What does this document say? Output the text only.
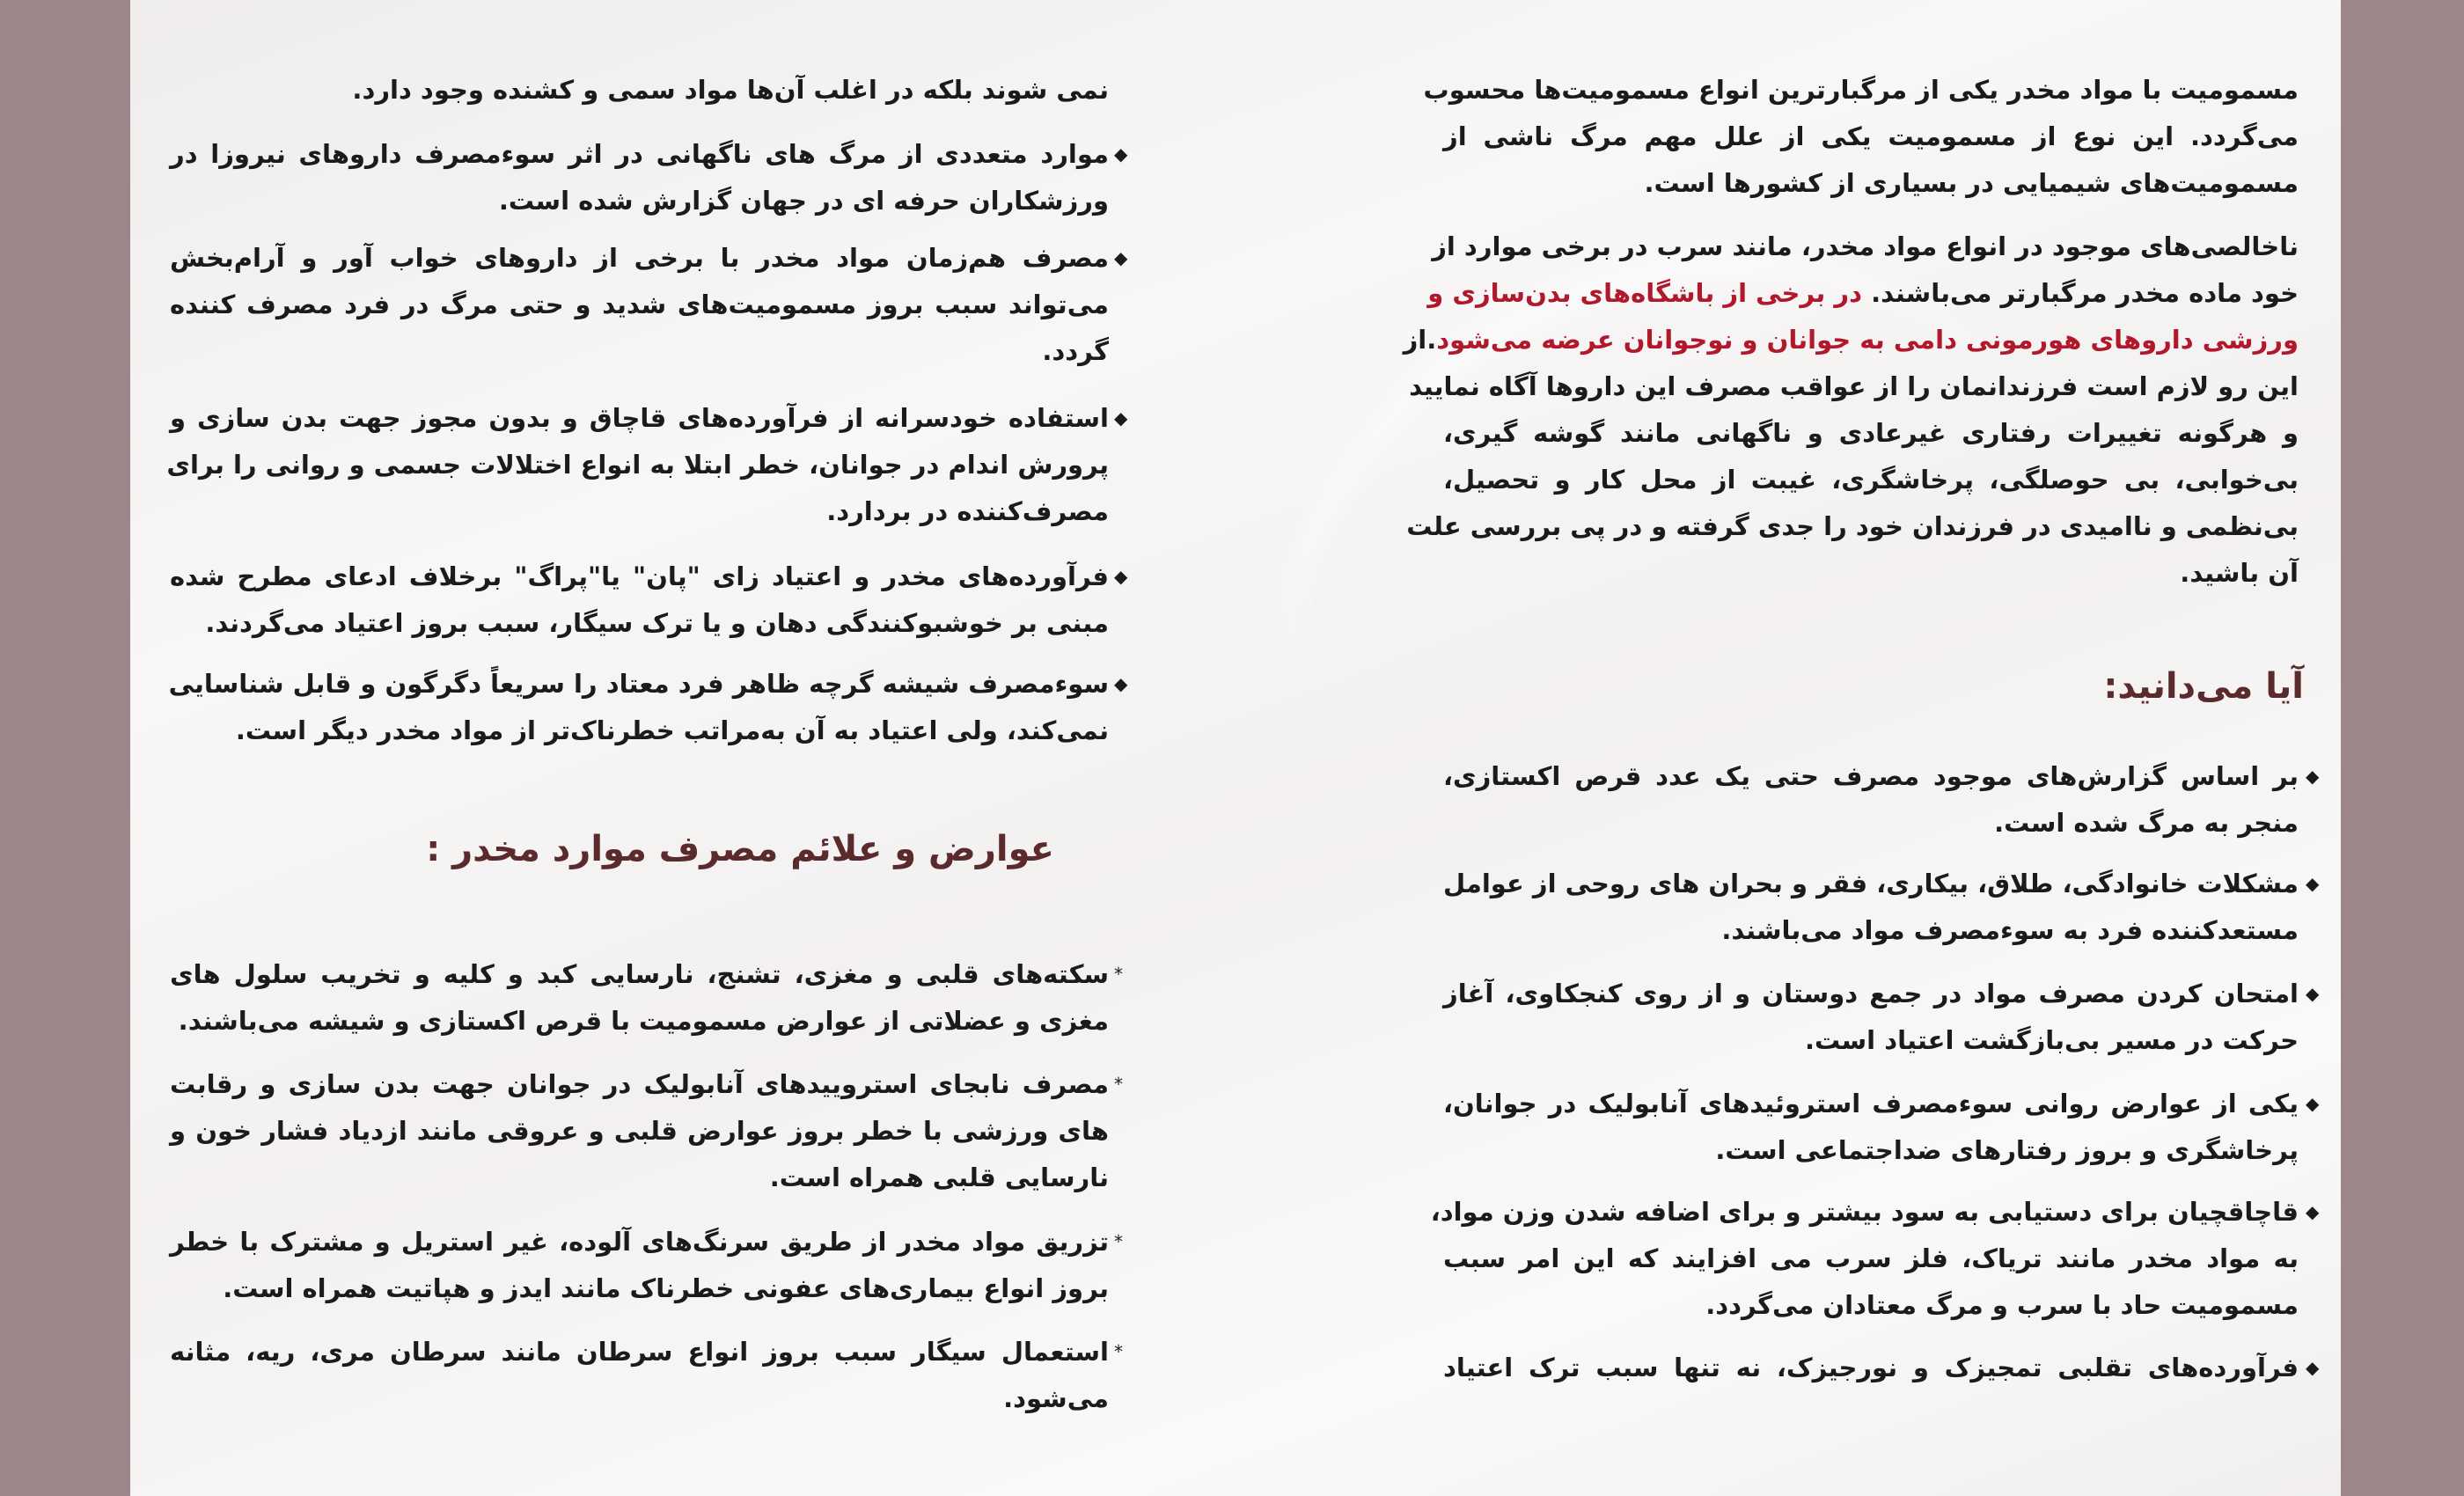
نمی شوند بلکه در اغلب آن‌ها مواد سمی و کشنده وجود دارد.
موارد متعددی از مرگ های ناگهانی در اثر سوءمصرف داروهای نیروزا در
ورزشکاران حرفه ای در جهان گزارش شده است.
◆
مصرف هم‌زمان مواد مخدر با برخی از داروهای خواب آور و آرام‌بخش
می‌تواند سبب بروز مسمومیت‌های شدید و حتی مرگ در فرد مصرف کننده
گردد.
◆
استفاده خودسرانه از فرآورده‌های قاچاق و بدون مجوز جهت بدن سازی و
پرورش اندام در جوانان، خطر ابتلا به انواع اختلالات جسمی و روانی را برای
مصرف‌کننده در بردارد.
◆
فرآورده‌های مخدر و اعتیاد زای "پان" یا"پراگ" برخلاف ادعای مطرح شده
مبنی بر خوشبوکنندگی دهان و یا ترک سیگار، سبب بروز اعتیاد می‌گردند.
◆
سوءمصرف شیشه گرچه ظاهر فرد معتاد را سریعاً دگرگون و قابل شناسایی
نمی‌کند، ولی اعتیاد به آن به‌مراتب خطرناک‌تر از مواد مخدر دیگر است.
◆
عوارض و علائم مصرف موارد مخدر :
سکته‌های قلبی و مغزی، تشنج، نارسایی کبد و کلیه و تخریب سلول های
مغزی و عضلاتی از عوارض مسمومیت با قرص اکستازی و شیشه می‌باشند.
*
مصرف نابجای استروییدهای آنابولیک در جوانان جهت بدن سازی و رقابت
های ورزشی با خطر بروز عوارض قلبی و عروقی مانند ازدیاد فشار خون و
نارسایی قلبی همراه است.
*
تزریق مواد مخدر از طریق سرنگ‌های آلوده، غیر استریل و مشترک با خطر
بروز انواع بیماری‌های عفونی خطرناک مانند ایدز و هپاتیت همراه است.
*
استعمال سیگار سبب بروز انواع سرطان مانند سرطان مری، ریه، مثانه
می‌شود.
*
مسمومیت با مواد مخدر یکی از مرگبارترین انواع مسمومیت‌ها محسوب
می‌گردد. این نوع از مسمومیت یکی از علل مهم مرگ ناشی از
مسمومیت‌های شیمیایی در بسیاری از کشورها است.
ناخالصی‌های موجود در انواع مواد مخدر، مانند سرب در برخی موارد از
خود ماده مخدر مرگبارتر می‌باشند. در برخی از باشگاه‌های بدن‌سازی و
ورزشی داروهای هورمونی دامی به جوانان و نوجوانان عرضه می‌شود.از
این رو لازم است فرزندانمان را از عواقب مصرف این داروها آگاه نمایید
و هرگونه تغییرات رفتاری غیرعادی و ناگهانی مانند گوشه گیری،
بی‌خوابی، بی حوصلگی، پرخاشگری، غیبت از محل کار و تحصیل،
بی‌نظمی و ناامیدی در فرزندان خود را جدی گرفته و در پی بررسی علت
آن باشید.
آیا می‌دانید:
بر اساس گزارش‌های موجود مصرف حتی یک عدد قرص اکستازی،
منجر به مرگ شده است.
◆
مشکلات خانوادگی، طلاق، بیکاری، فقر و بحران های روحی از عوامل
مستعدکننده فرد به سوءمصرف مواد می‌باشند.
◆
امتحان کردن مصرف مواد در جمع دوستان و از روی کنجکاوی، آغاز
حرکت در مسیر بی‌بازگشت اعتیاد است.
◆
یکی از عوارض روانی سوءمصرف استروئیدهای آنابولیک در جوانان،
پرخاشگری و بروز رفتارهای ضداجتماعی است.
◆
قاچاقچیان برای دستیابی به سود بیشتر و برای اضافه شدن وزن مواد،
به مواد مخدر مانند تریاک، فلز سرب می افزایند که این امر سبب
مسمومیت حاد با سرب و مرگ معتادان می‌گردد.
◆
فرآورده‌های تقلبی تمجیزک و نورجیزک، نه تنها سبب ترک اعتیاد ◆
